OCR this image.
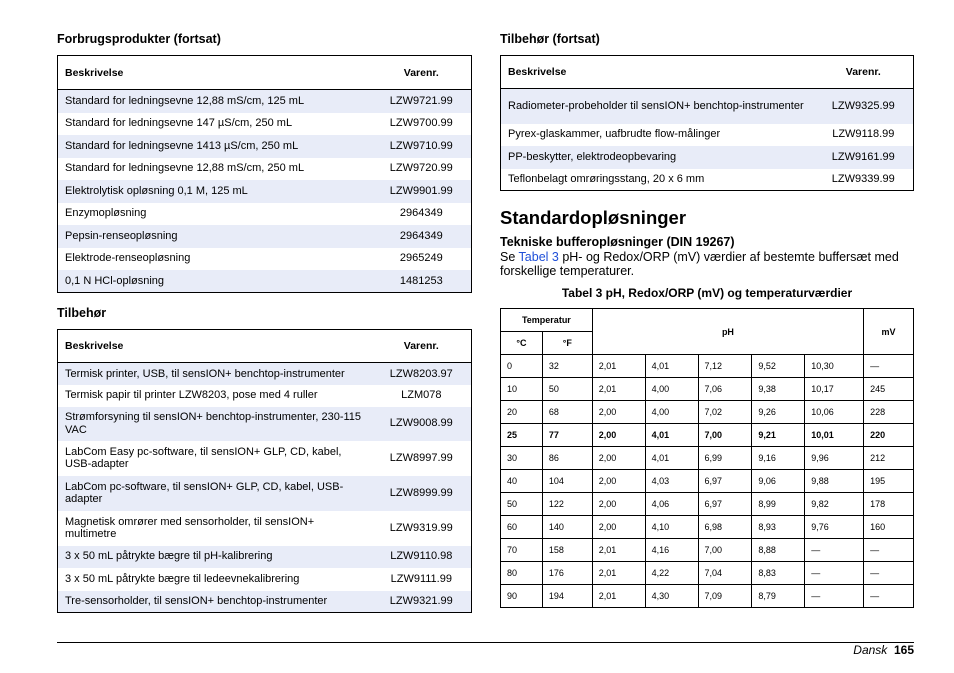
Forbrugsprodukter (fortsat)
Beskrivelse	Varenr.
Standard for ledningsevne 12,88 mS/cm, 125 mL	LZW9721.99
Standard for ledningsevne 147 µS/cm, 250 mL	LZW9700.99
Standard for ledningsevne 1413 µS/cm, 250 mL	LZW9710.99
Standard for ledningsevne 12,88 mS/cm, 250 mL	LZW9720.99
Elektrolytisk opløsning 0,1 M, 125 mL	LZW9901.99
Enzymopløsning	2964349
Pepsin-renseopløsning	2964349
Elektrode-renseopløsning	2965249
0,1 N HCl-opløsning	1481253
Tilbehør
Beskrivelse	Varenr.
Termisk printer, USB, til sensION+ benchtop-instrumenter	LZW8203.97
Termisk papir til printer LZW8203, pose med 4 ruller	LZM078
Strømforsyning til sensION+ benchtop-instrumenter, 230-115 VAC	LZW9008.99
LabCom Easy pc-software, til sensION+ GLP, CD, kabel, USB-adapter	LZW8997.99
LabCom pc-software, til sensION+ GLP, CD, kabel, USB-adapter	LZW8999.99
Magnetisk omrører med sensorholder, til sensION+ multimetre	LZW9319.99
3 x 50 mL påtrykte bægre til pH-kalibrering	LZW9110.98
3 x 50 mL påtrykte bægre til ledeevnekalibrering	LZW9111.99
Tre-sensorholder, til sensION+ benchtop-instrumenter	LZW9321.99
Tilbehør (fortsat)
Beskrivelse	Varenr.
Radiometer-probeholder til sensION+ benchtop-instrumenter	LZW9325.99
Pyrex-glaskammer, uafbrudte flow-målinger	LZW9118.99
PP-beskytter, elektrodeopbevaring	LZW9161.99
Teflonbelagt omrøringsstang, 20 x 6 mm	LZW9339.99
Standardopløsninger
Tekniske bufferopløsninger (DIN 19267)
Se Tabel 3 pH- og Redox/ORP (mV) værdier af bestemte buffersæt med forskellige temperaturer.
Tabel 3 pH, Redox/ORP (mV) og temperaturværdier
Temperatur		pH					mV
°C	°F						
0	32	2,01	4,01	7,12	9,52	10,30	—
10	50	2,01	4,00	7,06	9,38	10,17	245
20	68	2,00	4,00	7,02	9,26	10,06	228
25	77	2,00	4,01	7,00	9,21	10,01	220
30	86	2,00	4,01	6,99	9,16	9,96	212
40	104	2,00	4,03	6,97	9,06	9,88	195
50	122	2,00	4,06	6,97	8,99	9,82	178
60	140	2,00	4,10	6,98	8,93	9,76	160
70	158	2,01	4,16	7,00	8,88	—	—
80	176	2,01	4,22	7,04	8,83	—	—
90	194	2,01	4,30	7,09	8,79	—	—
Dansk 165
